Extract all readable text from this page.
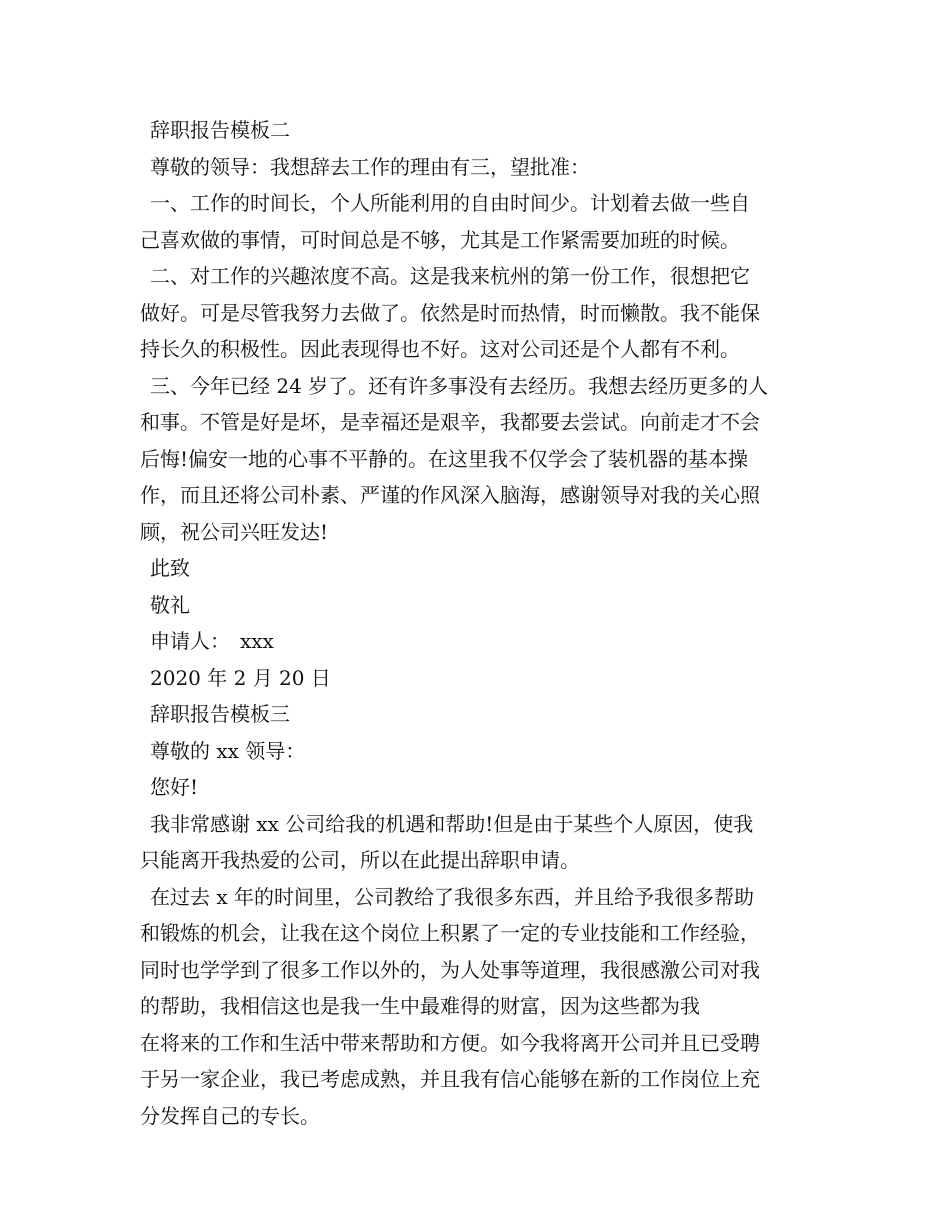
辞职报告模板二

尊敬的领导：我想辞去工作的理由有三，望批准：

一、工作的时间长，个人所能利用的自由时间少。计划着去做一些自
己喜欢做的事情，可时间总是不够，尤其是工作紧需要加班的时候。
二、对工作的兴趣浓度不高。这是我来杭州的第一份工作，很想把它
做好。可是尽管我努力去做了。依然是时而热情，时而懒散。我不能保
持长久的积极性。因此表现得也不好。这对公司还是个人都有不利。
三、今年已经 24 岁了。还有许多事没有去经历。我想去经历更多的人
和事。不管是好是坏，是幸福还是艰辛，我都要去尝试。向前走才不会
后悔!偏安一地的心事不平静的。在这里我不仅学会了装机器的基本操
作，而且还将公司朴素、严谨的作风深入脑海，感谢领导对我的关心照
顾，祝公司兴旺发达!

此致

敬礼

申请人：　xxx

2020 年 2 月 20 日

辞职报告模板三

尊敬的 xx 领导：

您好!

我非常感谢 xx 公司给我的机遇和帮助!但是由于某些个人原因，使我
只能离开我热爱的公司，所以在此提出辞职申请。
在过去 x 年的时间里，公司教给了我很多东西，并且给予我很多帮助
和锻炼的机会，让我在这个岗位上积累了一定的专业技能和工作经验，
同时也学学到了很多工作以外的，为人处事等道理，我很感激公司对我
的帮助，我相信这也是我一生中最难得的财富，因为这些都为我
在将来的工作和生活中带来帮助和方便。如今我将离开公司并且已受聘
于另一家企业，我已考虑成熟，并且我有信心能够在新的工作岗位上充
分发挥自己的专长。
